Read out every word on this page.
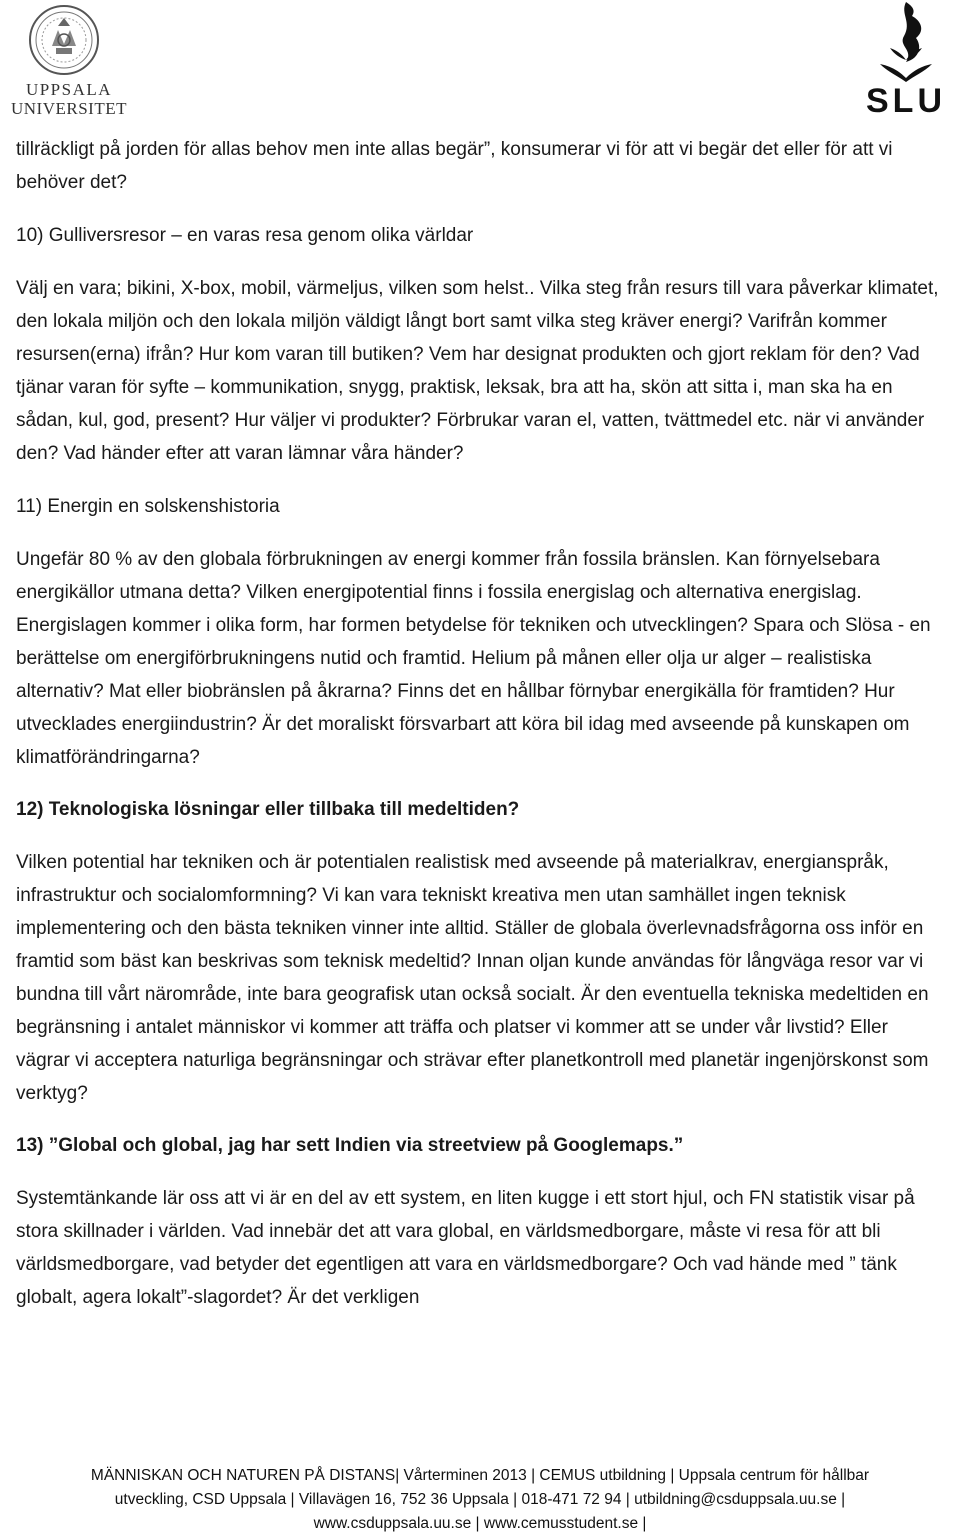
UPPSALA
UNIVERSITET	SLU

tillräckligt på jorden för allas behov men inte allas begär”, konsumerar vi för att vi begär det eller för att vi behöver det?

10) Gulliversresor – en varas resa genom olika världar

Välj en vara; bikini, X-box, mobil, värmeljus, vilken som helst.. Vilka steg från resurs till vara påverkar klimatet, den lokala miljön och den lokala miljön väldigt långt bort samt vilka steg kräver energi? Varifrån kommer resursen(erna) ifrån? Hur kom varan till butiken? Vem har designat produkten och gjort reklam för den? Vad tjänar varan för syfte – kommunikation, snygg, praktisk, leksak, bra att ha, skön att sitta i, man ska ha en sådan, kul, god, present? Hur väljer vi produkter? Förbrukar varan el, vatten, tvättmedel etc. när vi använder den? Vad händer efter att varan lämnar våra händer?

11) Energin en solskenshistoria

Ungefär 80 % av den globala förbrukningen av energi kommer från fossila bränslen. Kan förnyelsebara energikällor utmana detta? Vilken energipotential finns i fossila energislag och alternativa energislag. Energislagen kommer i olika form, har formen betydelse för tekniken och utvecklingen? Spara och Slösa - en berättelse om energiförbrukningens nutid och framtid. Helium på månen eller olja ur alger – realistiska alternativ? Mat eller biobränslen på åkrarna? Finns det en hållbar förnybar energikälla för framtiden? Hur utvecklades energiindustrin? Är det moraliskt försvarbart att köra bil idag med avseende på kunskapen om klimatförändringarna?

12) Teknologiska lösningar eller tillbaka till medeltiden?

Vilken potential har tekniken och är potentialen realistisk med avseende på materialkrav, energianspråk, infrastruktur och socialomformning? Vi kan vara tekniskt kreativa men utan samhället ingen teknisk implementering och den bästa tekniken vinner inte alltid. Ställer de globala överlevnadsfrågorna oss inför en framtid som bäst kan beskrivas som teknisk medeltid? Innan oljan kunde användas för långväga resor var vi bundna till vårt närområde, inte bara geografisk utan också socialt. Är den eventuella tekniska medeltiden en begränsning i antalet människor vi kommer att träffa och platser vi kommer att se under vår livstid? Eller vägrar vi acceptera naturliga begränsningar och strävar efter planetkontroll med planetär ingenjörskonst som verktyg?

13) ”Global och global, jag har sett Indien via streetview på Googlemaps.”

Systemtänkande lär oss att vi är en del av ett system, en liten kugge i ett stort hjul, och FN statistik visar på stora skillnader i världen. Vad innebär det att vara global, en världsmedborgare, måste vi resa för att bli världsmedborgare, vad betyder det egentligen att vara en världsmedborgare? Och vad hände med ” tänk globalt, agera lokalt”-slagordet? Är det verkligen

MÄNNISKAN OCH NATUREN PÅ DISTANS| Vårterminen 2013 | CEMUS utbildning | Uppsala centrum för hållbar

utveckling, CSD Uppsala | Villavägen 16, 752 36 Uppsala | 018-471 72 94 | utbildning@csduppsala.uu.se |

www.csduppsala.uu.se | www.cemusstudent.se |
